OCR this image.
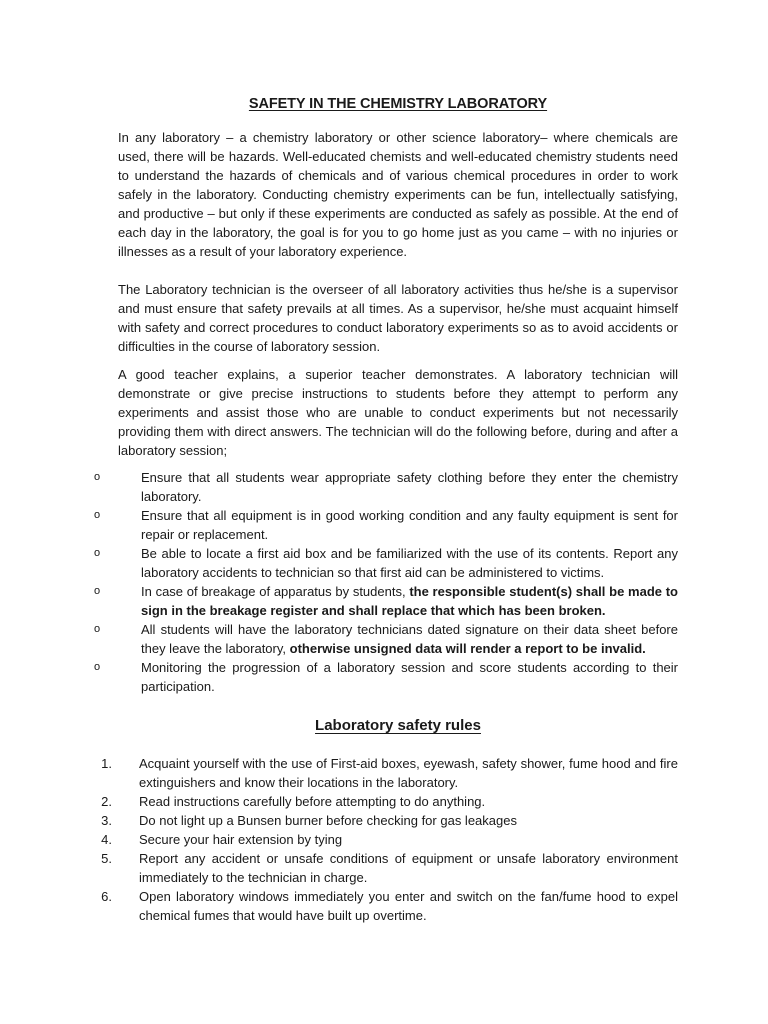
SAFETY IN THE CHEMISTRY LABORATORY

In any laboratory – a chemistry laboratory or other science laboratory– where chemicals are used, there will be hazards. Well-educated chemists and well-educated chemistry students need to understand the hazards of chemicals and of various chemical procedures in order to work safely in the laboratory. Conducting chemistry experiments can be fun, intellectually satisfying, and productive – but only if these experiments are conducted as safely as possible. At the end of each day in the laboratory, the goal is for you to go home just as you came – with no injuries or illnesses as a result of your laboratory experience.

The Laboratory technician is the overseer of all laboratory activities thus he/she is a supervisor and must ensure that safety prevails at all times. As a supervisor, he/she must acquaint himself with safety and correct procedures to conduct laboratory experiments so as to avoid accidents or difficulties in the course of laboratory session.

A good teacher explains, a superior teacher demonstrates. A laboratory technician will demonstrate or give precise instructions to students before they attempt to perform any experiments and assist those who are unable to conduct experiments but not necessarily providing them with direct answers. The technician will do the following before, during and after a laboratory session;

o	Ensure that all students wear appropriate safety clothing before they enter the chemistry laboratory.
o	Ensure that all equipment is in good working condition and any faulty equipment is sent for repair or replacement.
o	Be able to locate a first aid box and be familiarized with the use of its contents. Report any laboratory accidents to technician so that first aid can be administered to victims.
o	In case of breakage of apparatus by students, the responsible student(s) shall be made to sign in the breakage register and shall replace that which has been broken.
o	All students will have the laboratory technicians dated signature on their data sheet before they leave the laboratory, otherwise unsigned data will render a report to be invalid.
o	Monitoring the progression of a laboratory session and score students according to their participation.
Laboratory safety rules
1. Acquaint yourself with the use of First-aid boxes, eyewash, safety shower, fume hood and fire extinguishers and know their locations in the laboratory.
2. Read instructions carefully before attempting to do anything.
3. Do not light up a Bunsen burner before checking for gas leakages
4. Secure your hair extension by tying
5. Report any accident or unsafe conditions of equipment or unsafe laboratory environment immediately to the technician in charge.
6. Open laboratory windows immediately you enter and switch on the fan/fume hood to expel chemical fumes that would have built up overtime.
